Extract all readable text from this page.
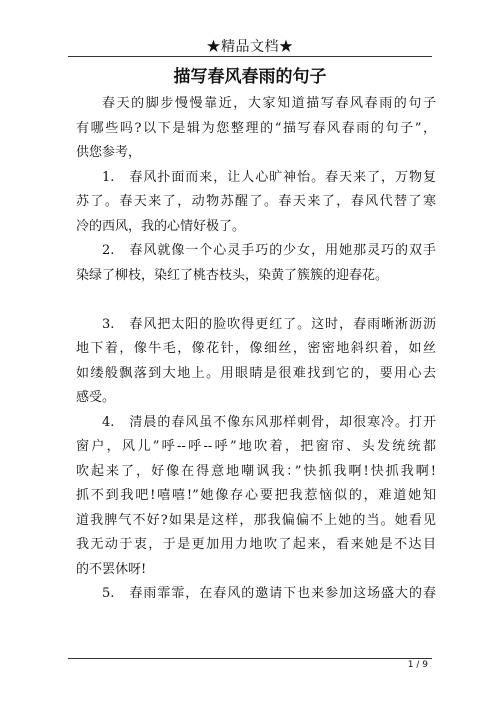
★精品文档★
描写春风春雨的句子
春天的脚步慢慢靠近，大家知道描写春风春雨的句子
有哪些吗?以下是辑为您整理的“描写春风春雨的句子”，
供您参考，
1.　春风扑面而来，让人心旷神怡。春天来了，万物复
苏了。春天来了，动物苏醒了。春天来了，春风代替了寒
冷的西风，我的心情好极了。
2.　春风就像一个心灵手巧的少女，用她那灵巧的双手
染绿了柳枝，染红了桃杏枝头，染黄了簇簇的迎春花。
3.　春风把太阳的脸吹得更红了。这时，春雨晰淅沥沥
地下着，像牛毛，像花针，像细丝，密密地斜织着，如丝
如缕般飘落到大地上。用眼睛是很难找到它的，要用心去
感受。
4.　清晨的春风虽不像东风那样刺骨，却很寒冷。打开
窗户，风儿”呼--呼--呼”地吹着，把窗帘、头发统统都
吹起来了，好像在得意地嘲讽我：”快抓我啊!快抓我啊!
抓不到我吧!嘻嘻!”她像存心要把我惹恼似的，难道她知
道我脾气不好?如果是这样，那我偏偏不上她的当。她看见
我无动于衷，于是更加用力地吹了起来，看来她是不达目
的不罢休呀!
5.　春雨霏霏，在春风的邀请下也来参加这场盛大的春
1 / 9
